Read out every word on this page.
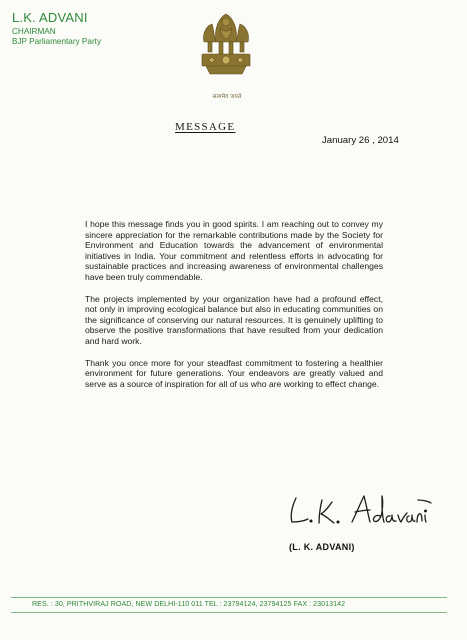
L.K. ADVANI
CHAIRMAN
BJP Parliamentary Party
सत्यमेव जयते
MESSAGE
January 26 , 2014

I hope this message finds you in good spirits. I am reaching out to convey my sincere appreciation for the remarkable contributions made by the Society for Environment and Education towards the advancement of environmental initiatives in India. Your commitment and relentless efforts in advocating for sustainable practices and increasing awareness of environmental challenges have been truly commendable.

The projects implemented by your organization have had a profound effect, not only in improving ecological balance but also in educating communities on the significance of conserving our natural resources. It is genuinely uplifting to observe the positive transformations that have resulted from your dedication and hard work.

Thank you once more for your steadfast commitment to fostering a healthier environment for future generations. Your endeavors are greatly valued and serve as a source of inspiration for all of us who are working to effect change.

(L. K. ADVANI)
RES. : 30, PRITHVIRAJ ROAD, NEW DELHI-110 011 TEL : 23794124, 23794125 FAX : 23013142
